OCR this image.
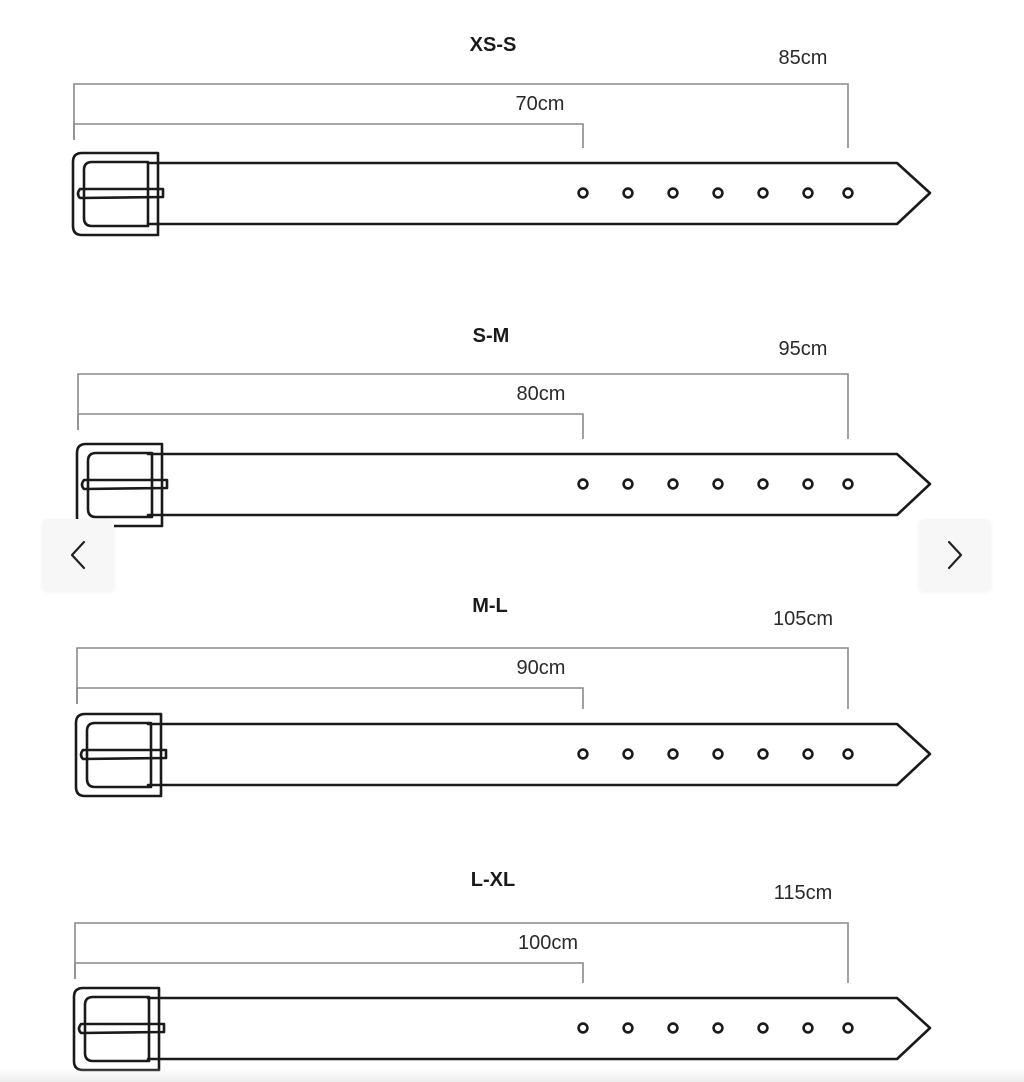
XS-S
85cm
70cm
S-M
95cm
80cm
M-L
105cm
90cm
L-XL
115cm
100cm
